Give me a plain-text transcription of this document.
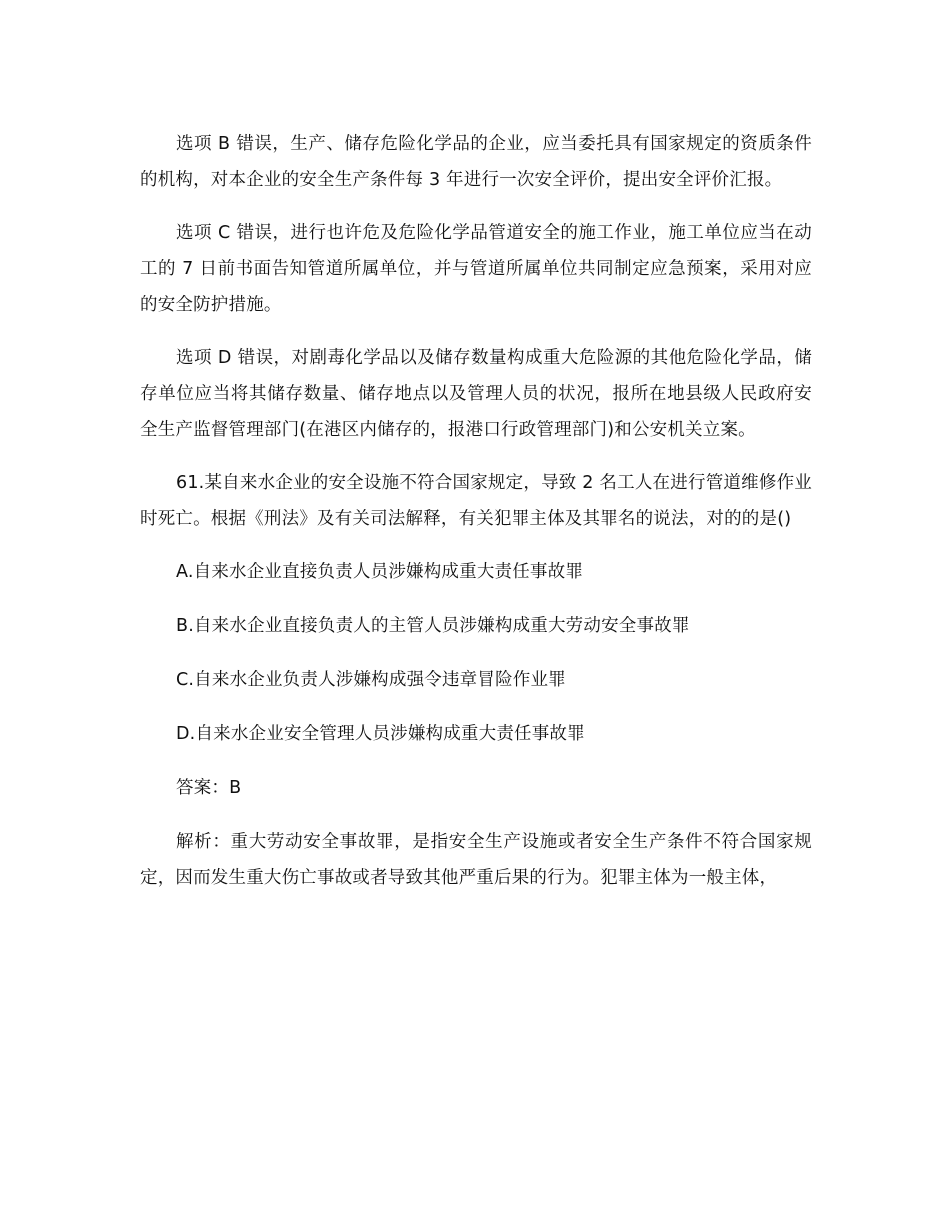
选项 B 错误，生产、储存危险化学品的企业，应当委托具有国家规定的资质条件的机构，对本企业的安全生产条件每 3 年进行一次安全评价，提出安全评价汇报。

选项 C 错误，进行也许危及危险化学品管道安全的施工作业，施工单位应当在动工的 7 日前书面告知管道所属单位，并与管道所属单位共同制定应急预案，采用对应的安全防护措施。

选项 D 错误，对剧毒化学品以及储存数量构成重大危险源的其他危险化学品，储存单位应当将其储存数量、储存地点以及管理人员的状况，报所在地县级人民政府安全生产监督管理部门(在港区内储存的，报港口行政管理部门)和公安机关立案。

61.某自来水企业的安全设施不符合国家规定，导致 2 名工人在进行管道维修作业时死亡。根据《刑法》及有关司法解释，有关犯罪主体及其罪名的说法，对的的是()

A.自来水企业直接负责人员涉嫌构成重大责任事故罪

B.自来水企业直接负责人的主管人员涉嫌构成重大劳动安全事故罪

C.自来水企业负责人涉嫌构成强令违章冒险作业罪

D.自来水企业安全管理人员涉嫌构成重大责任事故罪

答案：B

解析：重大劳动安全事故罪，是指安全生产设施或者安全生产条件不符合国家规定，因而发生重大伤亡事故或者导致其他严重后果的行为。犯罪主体为一般主体，
